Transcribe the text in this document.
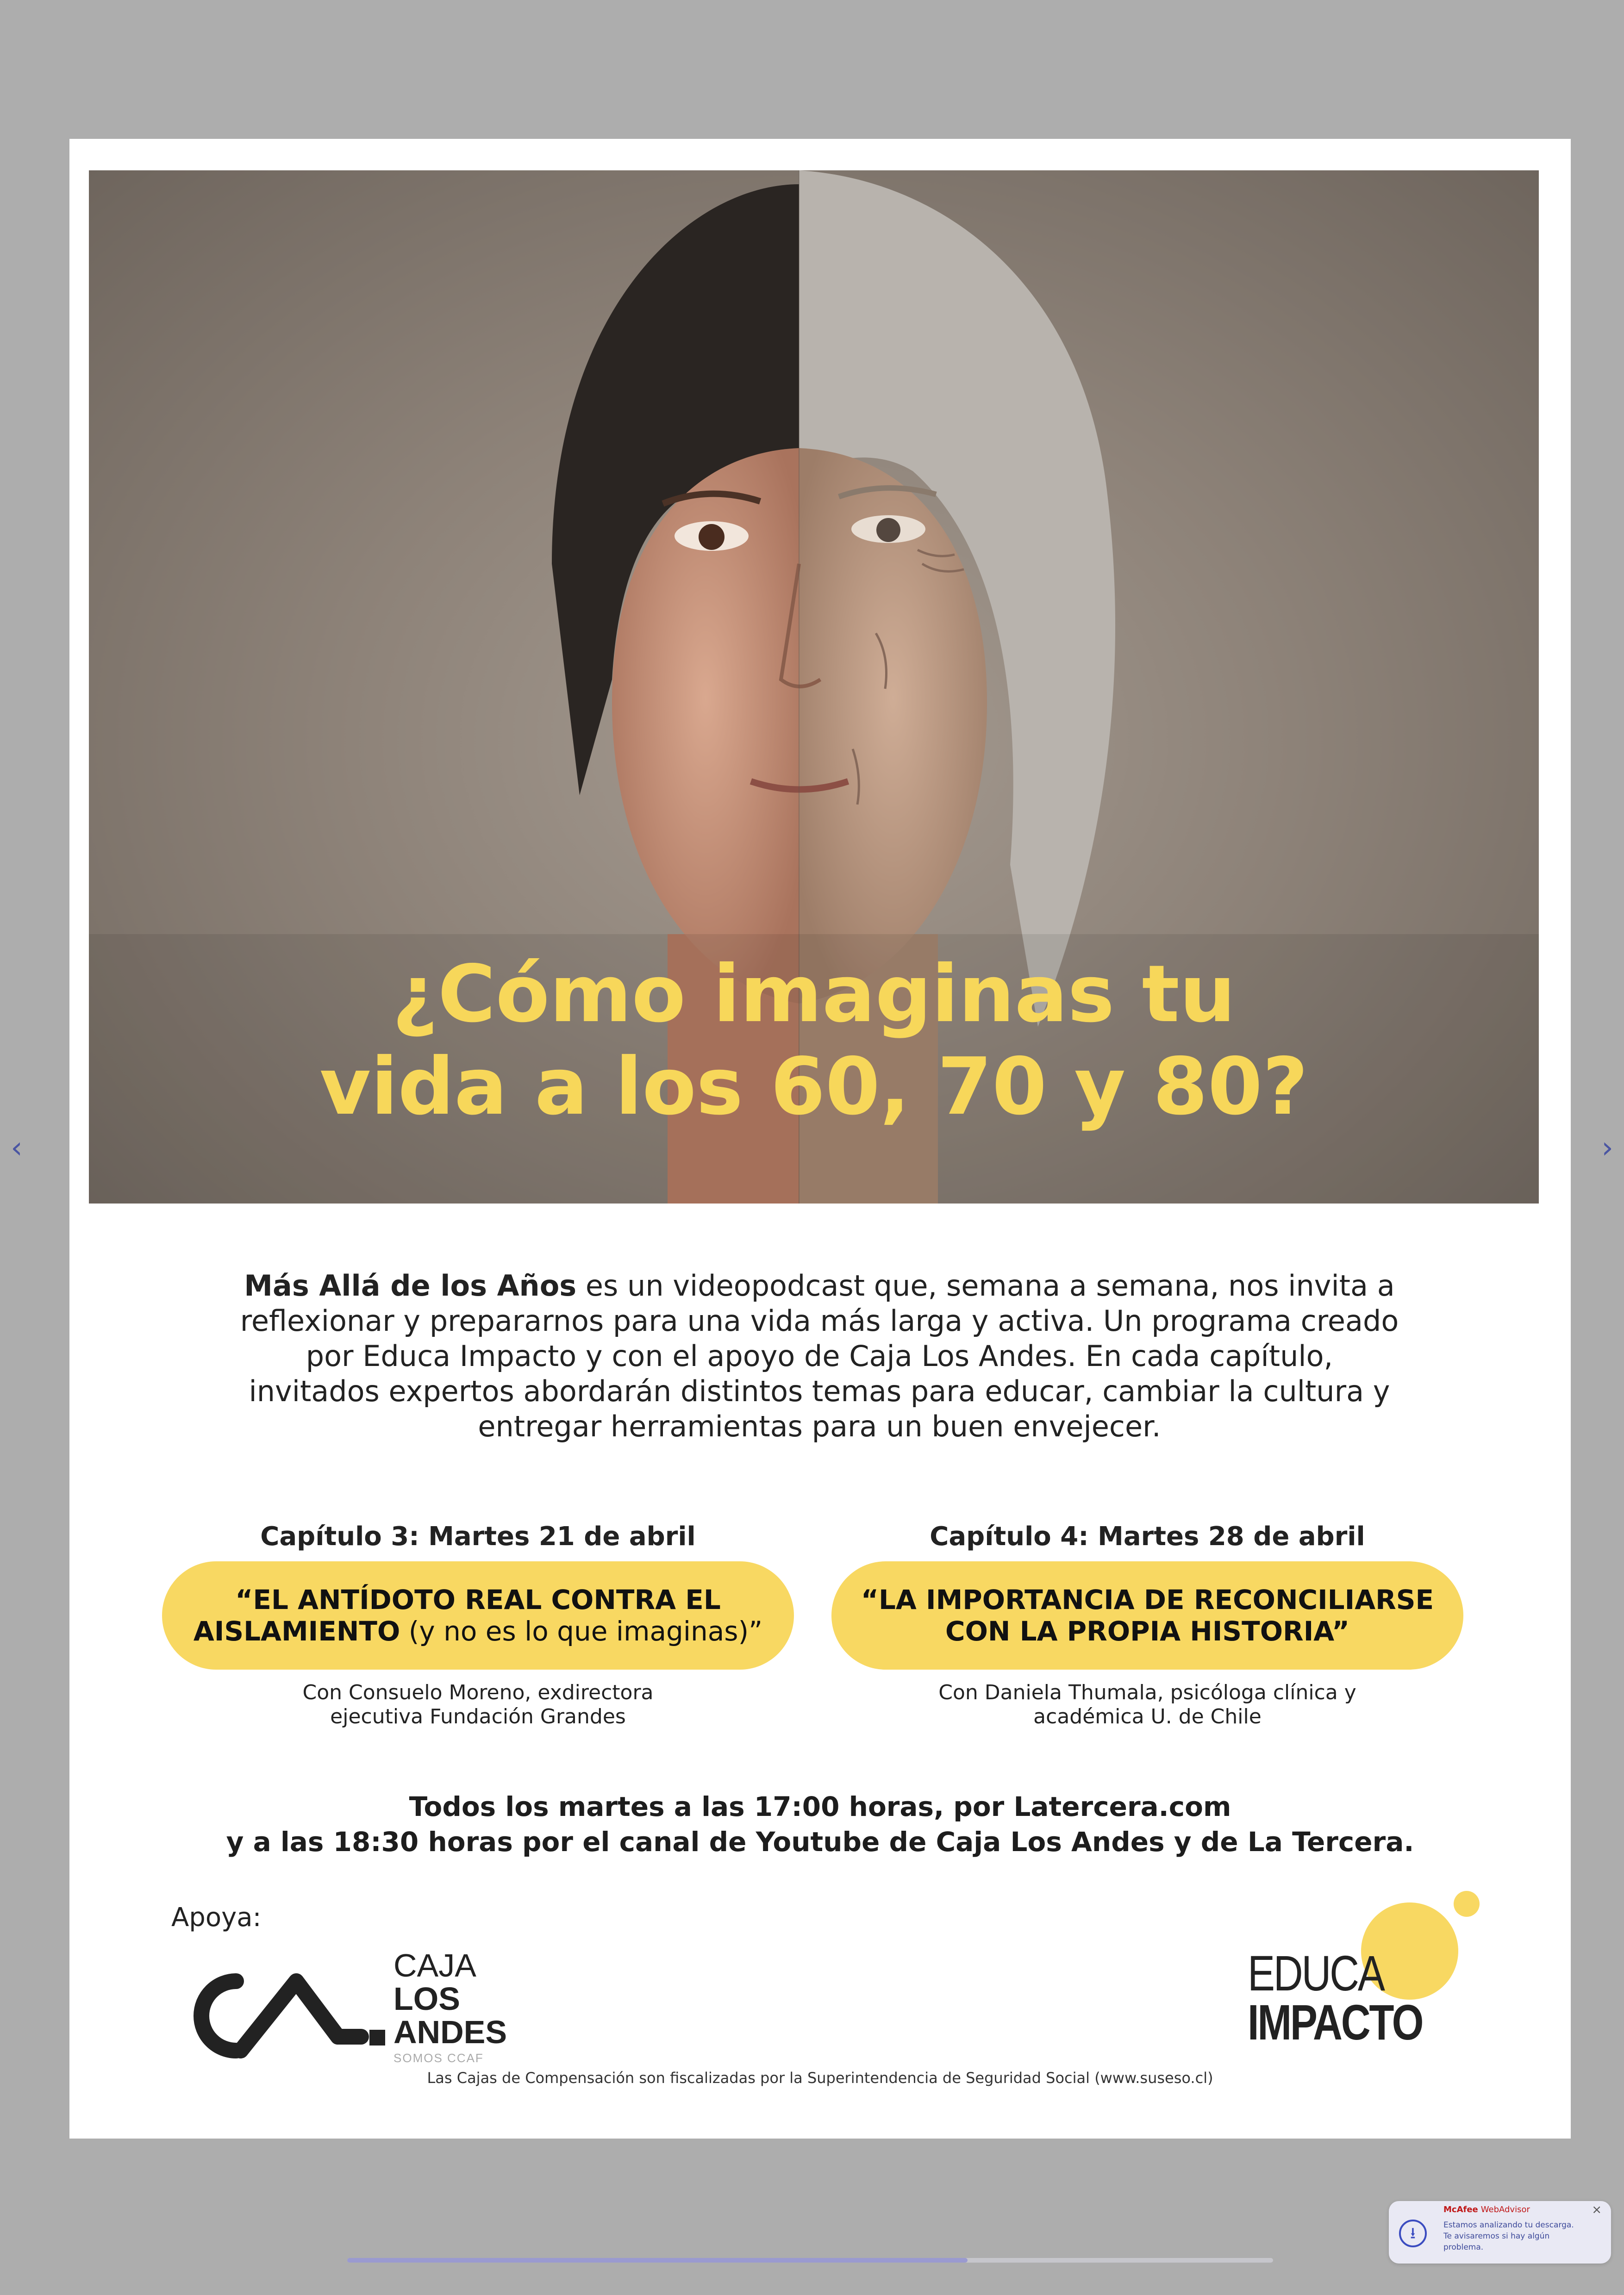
‹	›
¿Cómo imaginas tu
vida a los 60, 70 y 80?
Más Allá de los Años es un videopodcast que, semana a semana, nos invita a reflexionar y prepararnos para una vida más larga y activa. Un programa creado por Educa Impacto y con el apoyo de Caja Los Andes. En cada capítulo, invitados expertos abordarán distintos temas para educar, cambiar la cultura y entregar herramientas para un buen envejecer.
Capítulo 3: Martes 21 de abril
“EL ANTÍDOTO REAL CONTRA EL
AISLAMIENTO (y no es lo que imaginas)”
Con Consuelo Moreno, exdirectora
ejecutiva Fundación Grandes
Capítulo 4: Martes 28 de abril
“LA IMPORTANCIA DE RECONCILIARSE
CON LA PROPIA HISTORIA”
Con Daniela Thumala, psicóloga clínica y
académica U. de Chile
Todos los martes a las 17:00 horas, por Latercera.com
y a las 18:30 horas por el canal de Youtube de Caja Los Andes y de La Tercera.
Apoya:
CAJA
LOS
ANDES
SOMOS CCAF
EDUCA
IMPACTO
Las Cajas de Compensación son fiscalizadas por la Superintendencia de Seguridad Social (www.suseso.cl)
⭳
McAfee WebAdvisor
Estamos analizando tu descarga. Te avisaremos si hay algún problema.
×
